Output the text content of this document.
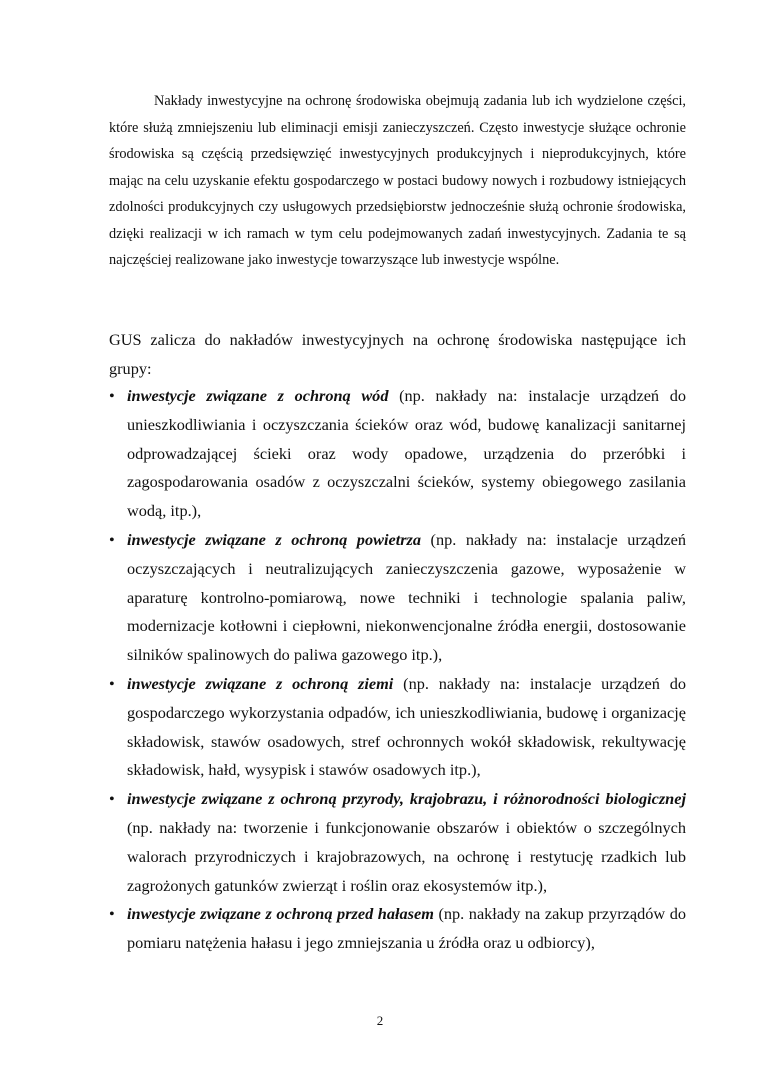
Nakłady inwestycyjne na ochronę środowiska obejmują zadania lub ich wydzielone części, które służą zmniejszeniu lub eliminacji emisji zanieczyszczeń. Często inwestycje służące ochronie środowiska są częścią przedsięwzięć inwestycyjnych produkcyjnych i nieprodukcyjnych, które mając na celu uzyskanie efektu gospodarczego w postaci budowy nowych i rozbudowy istniejących zdolności produkcyjnych czy usługowych przedsiębiorstw jednocześnie służą ochronie środowiska, dzięki realizacji w ich ramach w tym celu podejmowanych zadań inwestycyjnych. Zadania te są najczęściej realizowane jako inwestycje towarzyszące lub inwestycje wspólne.

GUS zalicza do nakładów inwestycyjnych na ochronę środowiska następujące ich grupy:

• inwestycje związane z ochroną wód (np. nakłady na: instalacje urządzeń do unieszkodliwiania i oczyszczania ścieków oraz wód, budowę kanalizacji sanitarnej odprowadzającej ścieki oraz wody opadowe, urządzenia do przeróbki i zagospodarowania osadów z oczyszczalni ścieków, systemy obiegowego zasilania wodą, itp.),
• inwestycje związane z ochroną powietrza (np. nakłady na: instalacje urządzeń oczyszczających i neutralizujących zanieczyszczenia gazowe, wyposażenie w aparaturę kontrolno-pomiarową, nowe techniki i technologie spalania paliw, modernizacje kotłowni i ciepłowni, niekonwencjonalne źródła energii, dostosowanie silników spalinowych do paliwa gazowego itp.),
• inwestycje związane z ochroną ziemi (np. nakłady na: instalacje urządzeń do gospodarczego wykorzystania odpadów, ich unieszkodliwiania, budowę i organizację składowisk, stawów osadowych, stref ochronnych wokół składowisk, rekultywację składowisk, hałd, wysypisk i stawów osadowych itp.),
• inwestycje związane z ochroną przyrody, krajobrazu, i różnorodności biologicznej (np. nakłady na: tworzenie i funkcjonowanie obszarów i obiektów o szczególnych walorach przyrodniczych i krajobrazowych, na ochronę i restytucję rzadkich lub zagrożonych gatunków zwierząt i roślin oraz ekosystemów itp.),
• inwestycje związane z ochroną przed hałasem (np. nakłady na zakup przyrządów do pomiaru natężenia hałasu i jego zmniejszania u źródła oraz u odbiorcy),
2
